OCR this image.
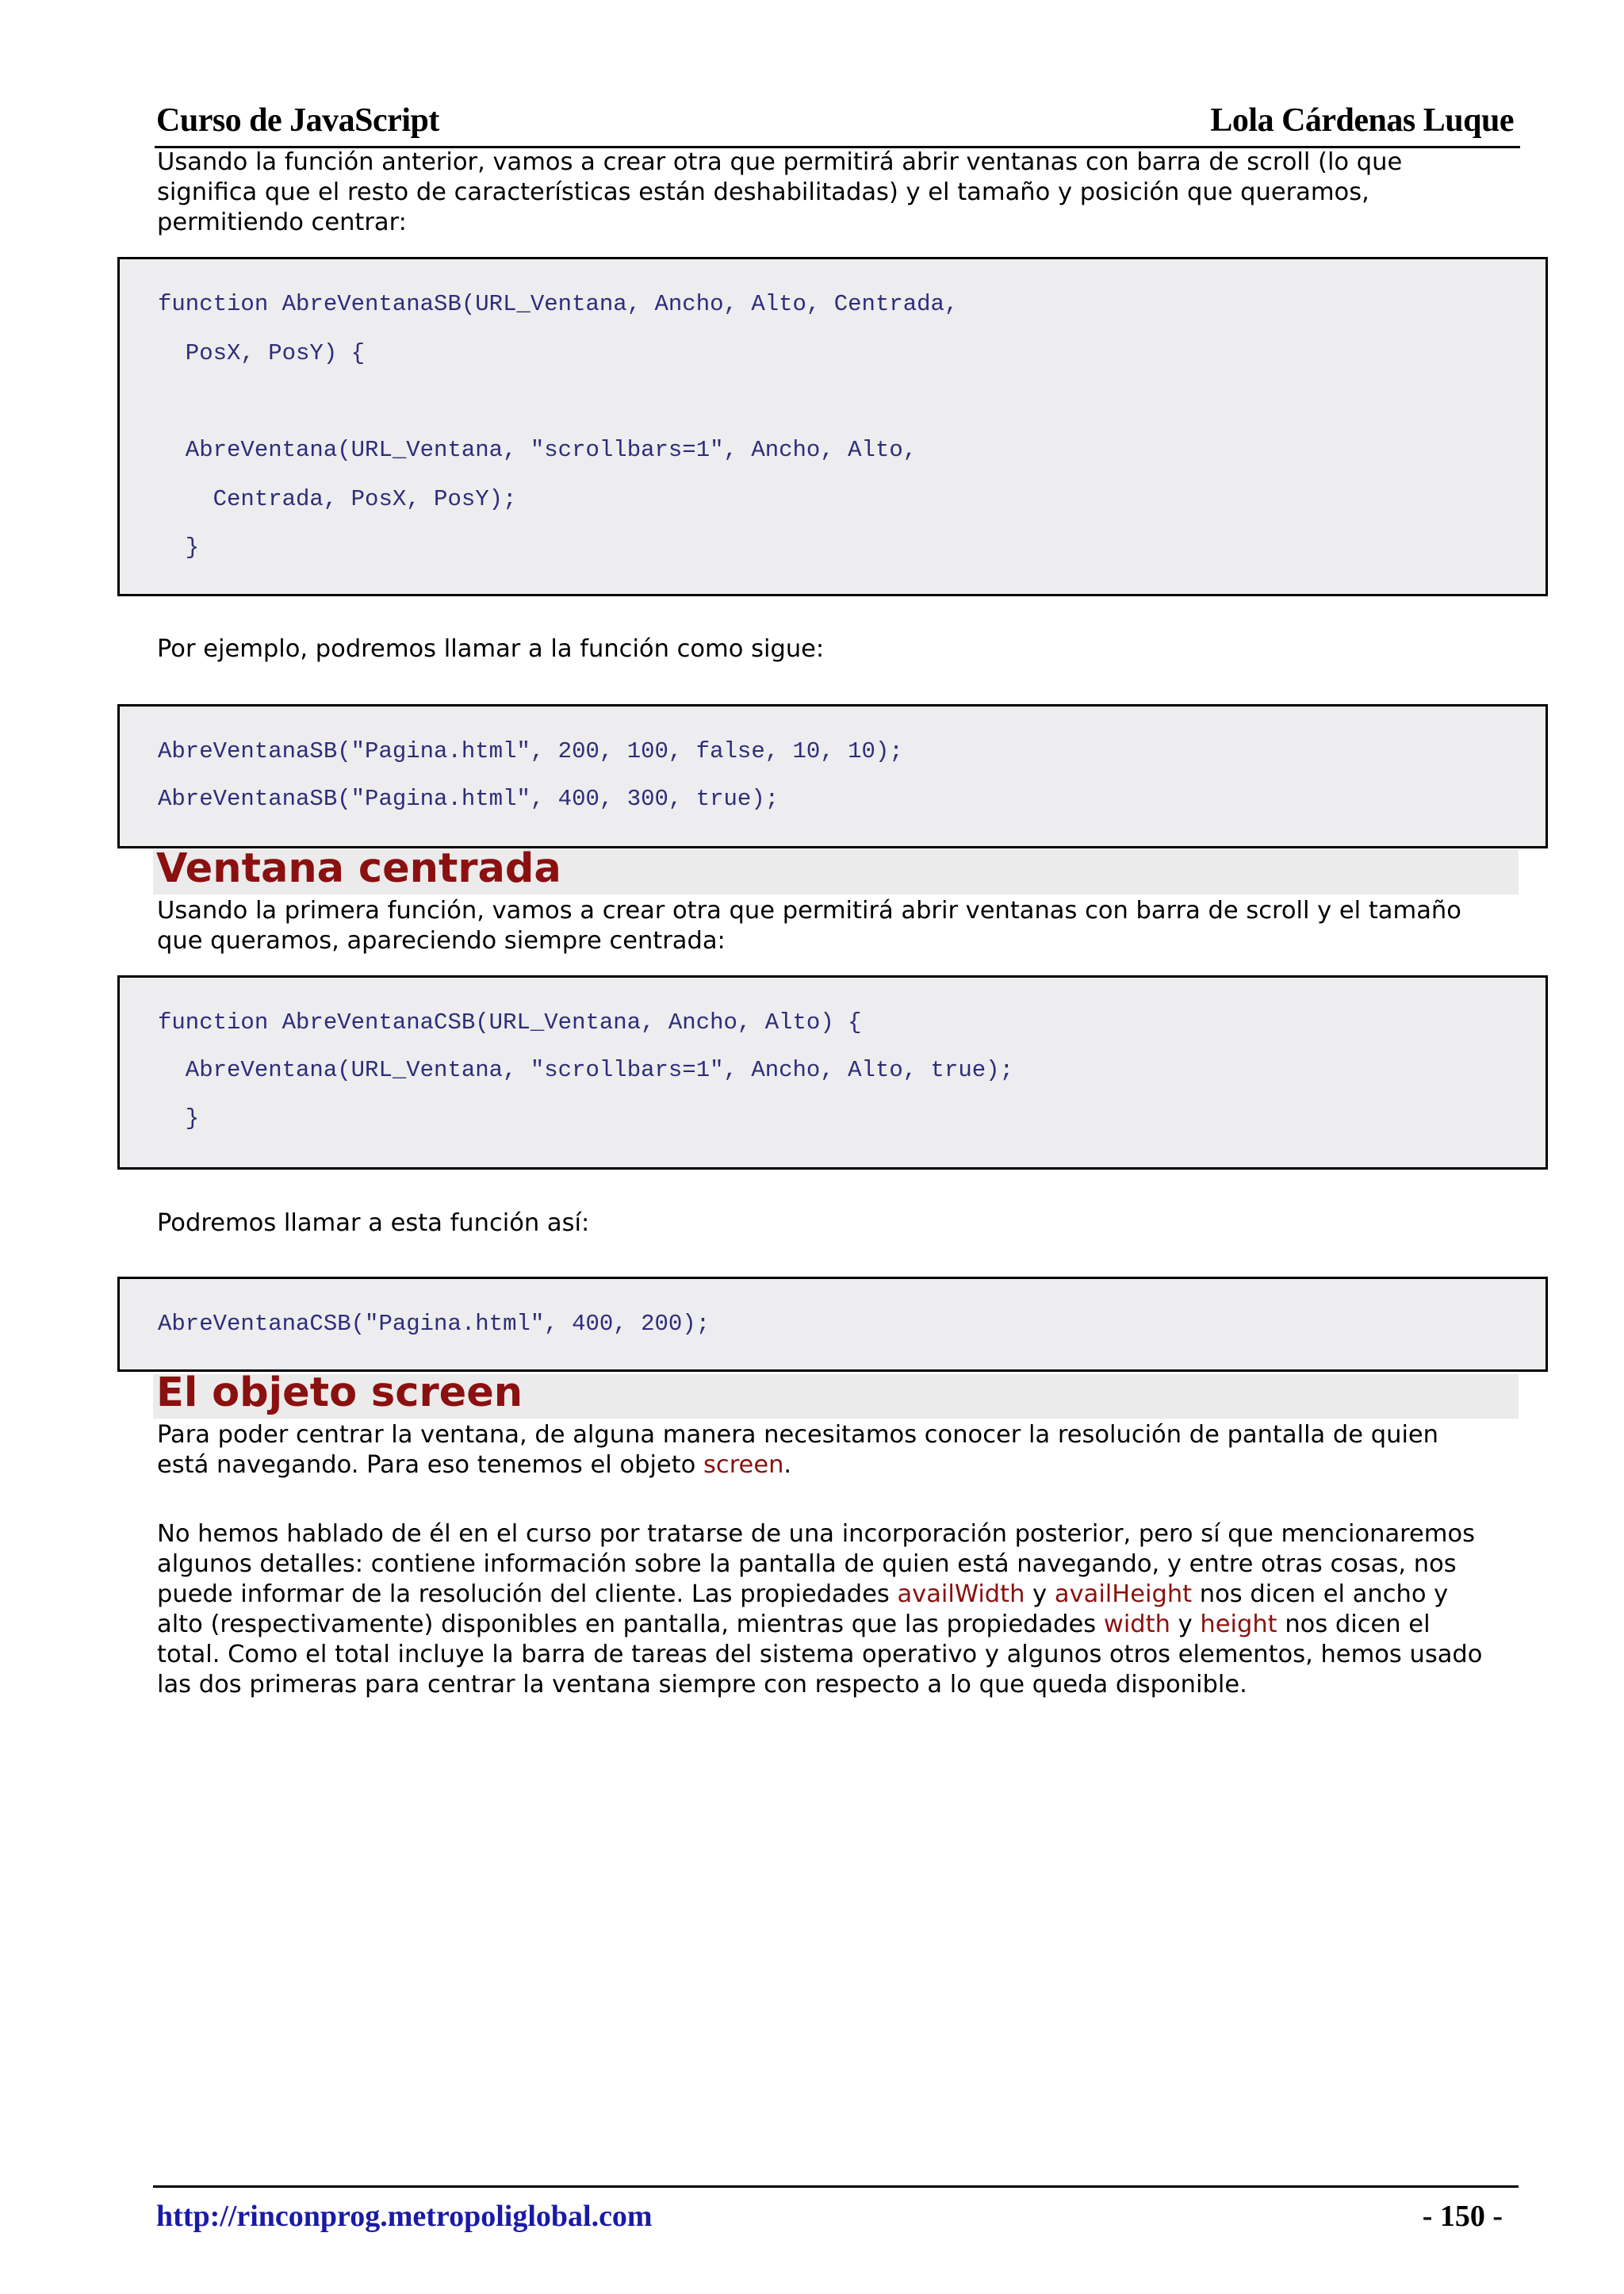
Curso de JavaScript	Lola Cárdenas Luque
Usando la función anterior, vamos a crear otra que permitirá abrir ventanas con barra de scroll (lo que
significa que el resto de características están deshabilitadas) y el tamaño y posición que queramos,
permitiendo centrar:
function AbreVentanaSB(URL_Ventana, Ancho, Alto, Centrada,
PosX, PosY) {
AbreVentana(URL_Ventana, "scrollbars=1", Ancho, Alto,
Centrada, PosX, PosY);
}
Por ejemplo, podremos llamar a la función como sigue:
AbreVentanaSB("Pagina.html", 200, 100, false, 10, 10);
AbreVentanaSB("Pagina.html", 400, 300, true);
Ventana centrada
Usando la primera función, vamos a crear otra que permitirá abrir ventanas con barra de scroll y el tamaño
que queramos, apareciendo siempre centrada:
function AbreVentanaCSB(URL_Ventana, Ancho, Alto) {
AbreVentana(URL_Ventana, "scrollbars=1", Ancho, Alto, true);
}
Podremos llamar a esta función así:
AbreVentanaCSB("Pagina.html", 400, 200);
El objeto screen
Para poder centrar la ventana, de alguna manera necesitamos conocer la resolución de pantalla de quien
está navegando. Para eso tenemos el objeto screen.
No hemos hablado de él en el curso por tratarse de una incorporación posterior, pero sí que mencionaremos
algunos detalles: contiene información sobre la pantalla de quien está navegando, y entre otras cosas, nos
puede informar de la resolución del cliente. Las propiedades availWidth y availHeight nos dicen el ancho y
alto (respectivamente) disponibles en pantalla, mientras que las propiedades width y height nos dicen el
total. Como el total incluye la barra de tareas del sistema operativo y algunos otros elementos, hemos usado
las dos primeras para centrar la ventana siempre con respecto a lo que queda disponible.
http://rinconprog.metropoliglobal.com	- 150 -
